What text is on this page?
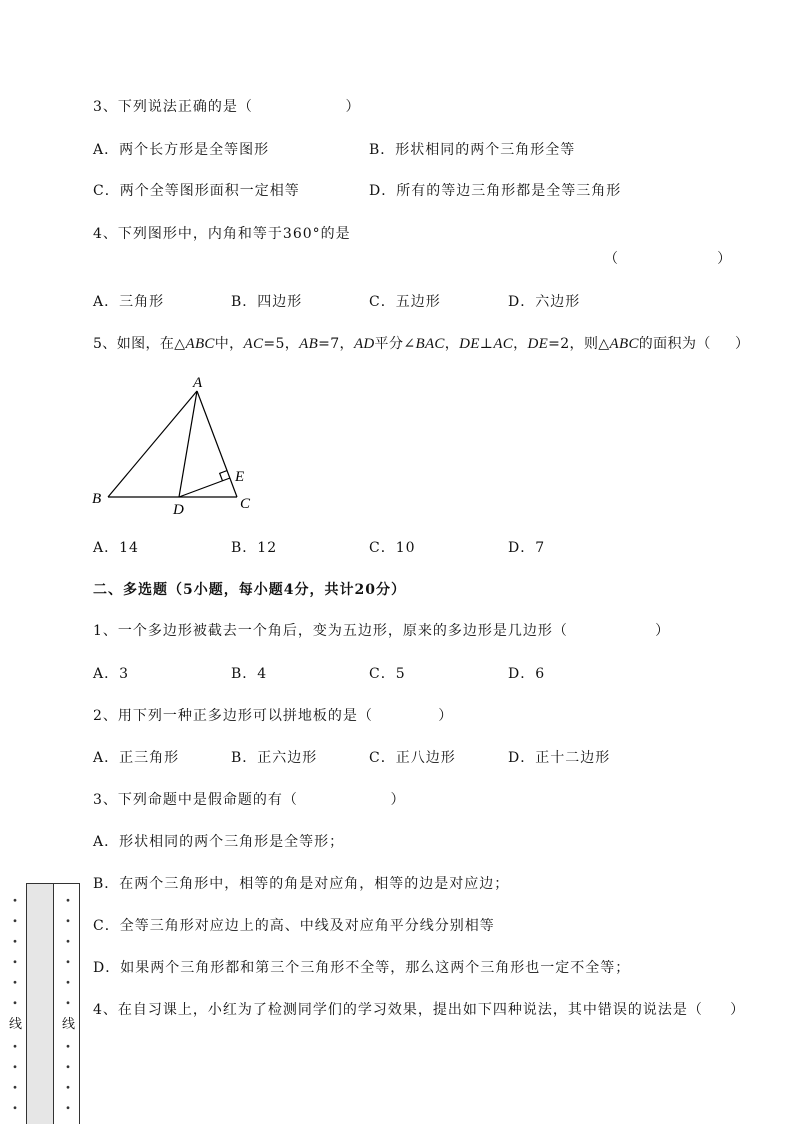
3、下列说法正确的是（                 ）

A．两个长方形是全等图形

	B．形状相同的两个三角形全等

C．两个全等图形面积一定相等

	D．所有的等边三角形都是全等三角形

4、下列图形中，内角和等于360°的是
（                  ）

A．三角形

	B．四边形

	C．五边形

	D．六边形

5、如图，在△ABC中，AC=5，AB=7，AD平分∠BAC，DE⊥AC，DE=2，则△ABC的面积为（     ）
A
B	C
D
E

A．14

	B．12

	C．10

	D．7

二、多选题（5小题，每小题4分，共计20分）
1、一个多边形被截去一个角后，变为五边形，原来的多边形是几边形（                ）

A．3

	B．4

	C．5

	D．6

2、用下列一种正多边形可以拼地板的是（            ）

A．正三角形

	B．正六边形

	C．正八边形

	D．正十二边形

3、下列命题中是假命题的有（                 ）
A．形状相同的两个三角形是全等形；
B．在两个三角形中，相等的角是对应角，相等的边是对应边；
C．全等三角形对应边上的高、中线及对应角平分线分别相等
D．如果两个三角形都和第三个三角形不全等，那么这两个三角形也一定不全等；
4、在自习课上，小红为了检测同学们的学习效果，提出如下四种说法，其中错误的说法是（     ）
线	线
